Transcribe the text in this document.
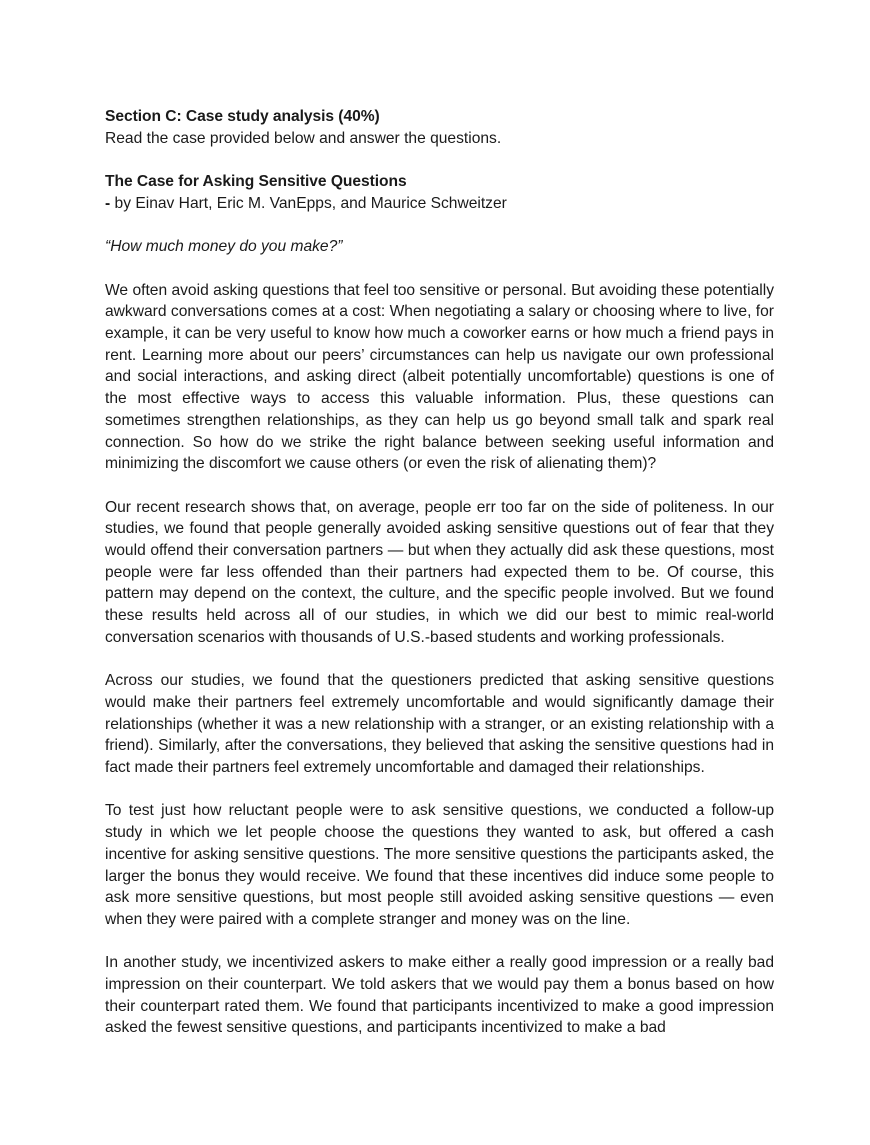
Section C: Case study analysis (40%)

Read the case provided below and answer the questions.

The Case for Asking Sensitive Questions

- by Einav Hart, Eric M. VanEpps, and Maurice Schweitzer

“How much money do you make?”

We often avoid asking questions that feel too sensitive or personal. But avoiding these potentially awkward conversations comes at a cost: When negotiating a salary or choosing where to live, for example, it can be very useful to know how much a coworker earns or how much a friend pays in rent. Learning more about our peers’ circumstances can help us navigate our own professional and social interactions, and asking direct (albeit potentially uncomfortable) questions is one of the most effective ways to access this valuable information. Plus, these questions can sometimes strengthen relationships, as they can help us go beyond small talk and spark real connection. So how do we strike the right balance between seeking useful information and minimizing the discomfort we cause others (or even the risk of alienating them)?

Our recent research shows that, on average, people err too far on the side of politeness. In our studies, we found that people generally avoided asking sensitive questions out of fear that they would offend their conversation partners — but when they actually did ask these questions, most people were far less offended than their partners had expected them to be. Of course, this pattern may depend on the context, the culture, and the specific people involved. But we found these results held across all of our studies, in which we did our best to mimic real-world conversation scenarios with thousands of U.S.-based students and working professionals.

Across our studies, we found that the questioners predicted that asking sensitive questions would make their partners feel extremely uncomfortable and would significantly damage their relationships (whether it was a new relationship with a stranger, or an existing relationship with a friend). Similarly, after the conversations, they believed that asking the sensitive questions had in fact made their partners feel extremely uncomfortable and damaged their relationships.

To test just how reluctant people were to ask sensitive questions, we conducted a follow-up study in which we let people choose the questions they wanted to ask, but offered a cash incentive for asking sensitive questions. The more sensitive questions the participants asked, the larger the bonus they would receive. We found that these incentives did induce some people to ask more sensitive questions, but most people still avoided asking sensitive questions — even when they were paired with a complete stranger and money was on the line.

In another study, we incentivized askers to make either a really good impression or a really bad impression on their counterpart. We told askers that we would pay them a bonus based on how their counterpart rated them. We found that participants incentivized to make a good impression asked the fewest sensitive questions, and participants incentivized to make a bad
